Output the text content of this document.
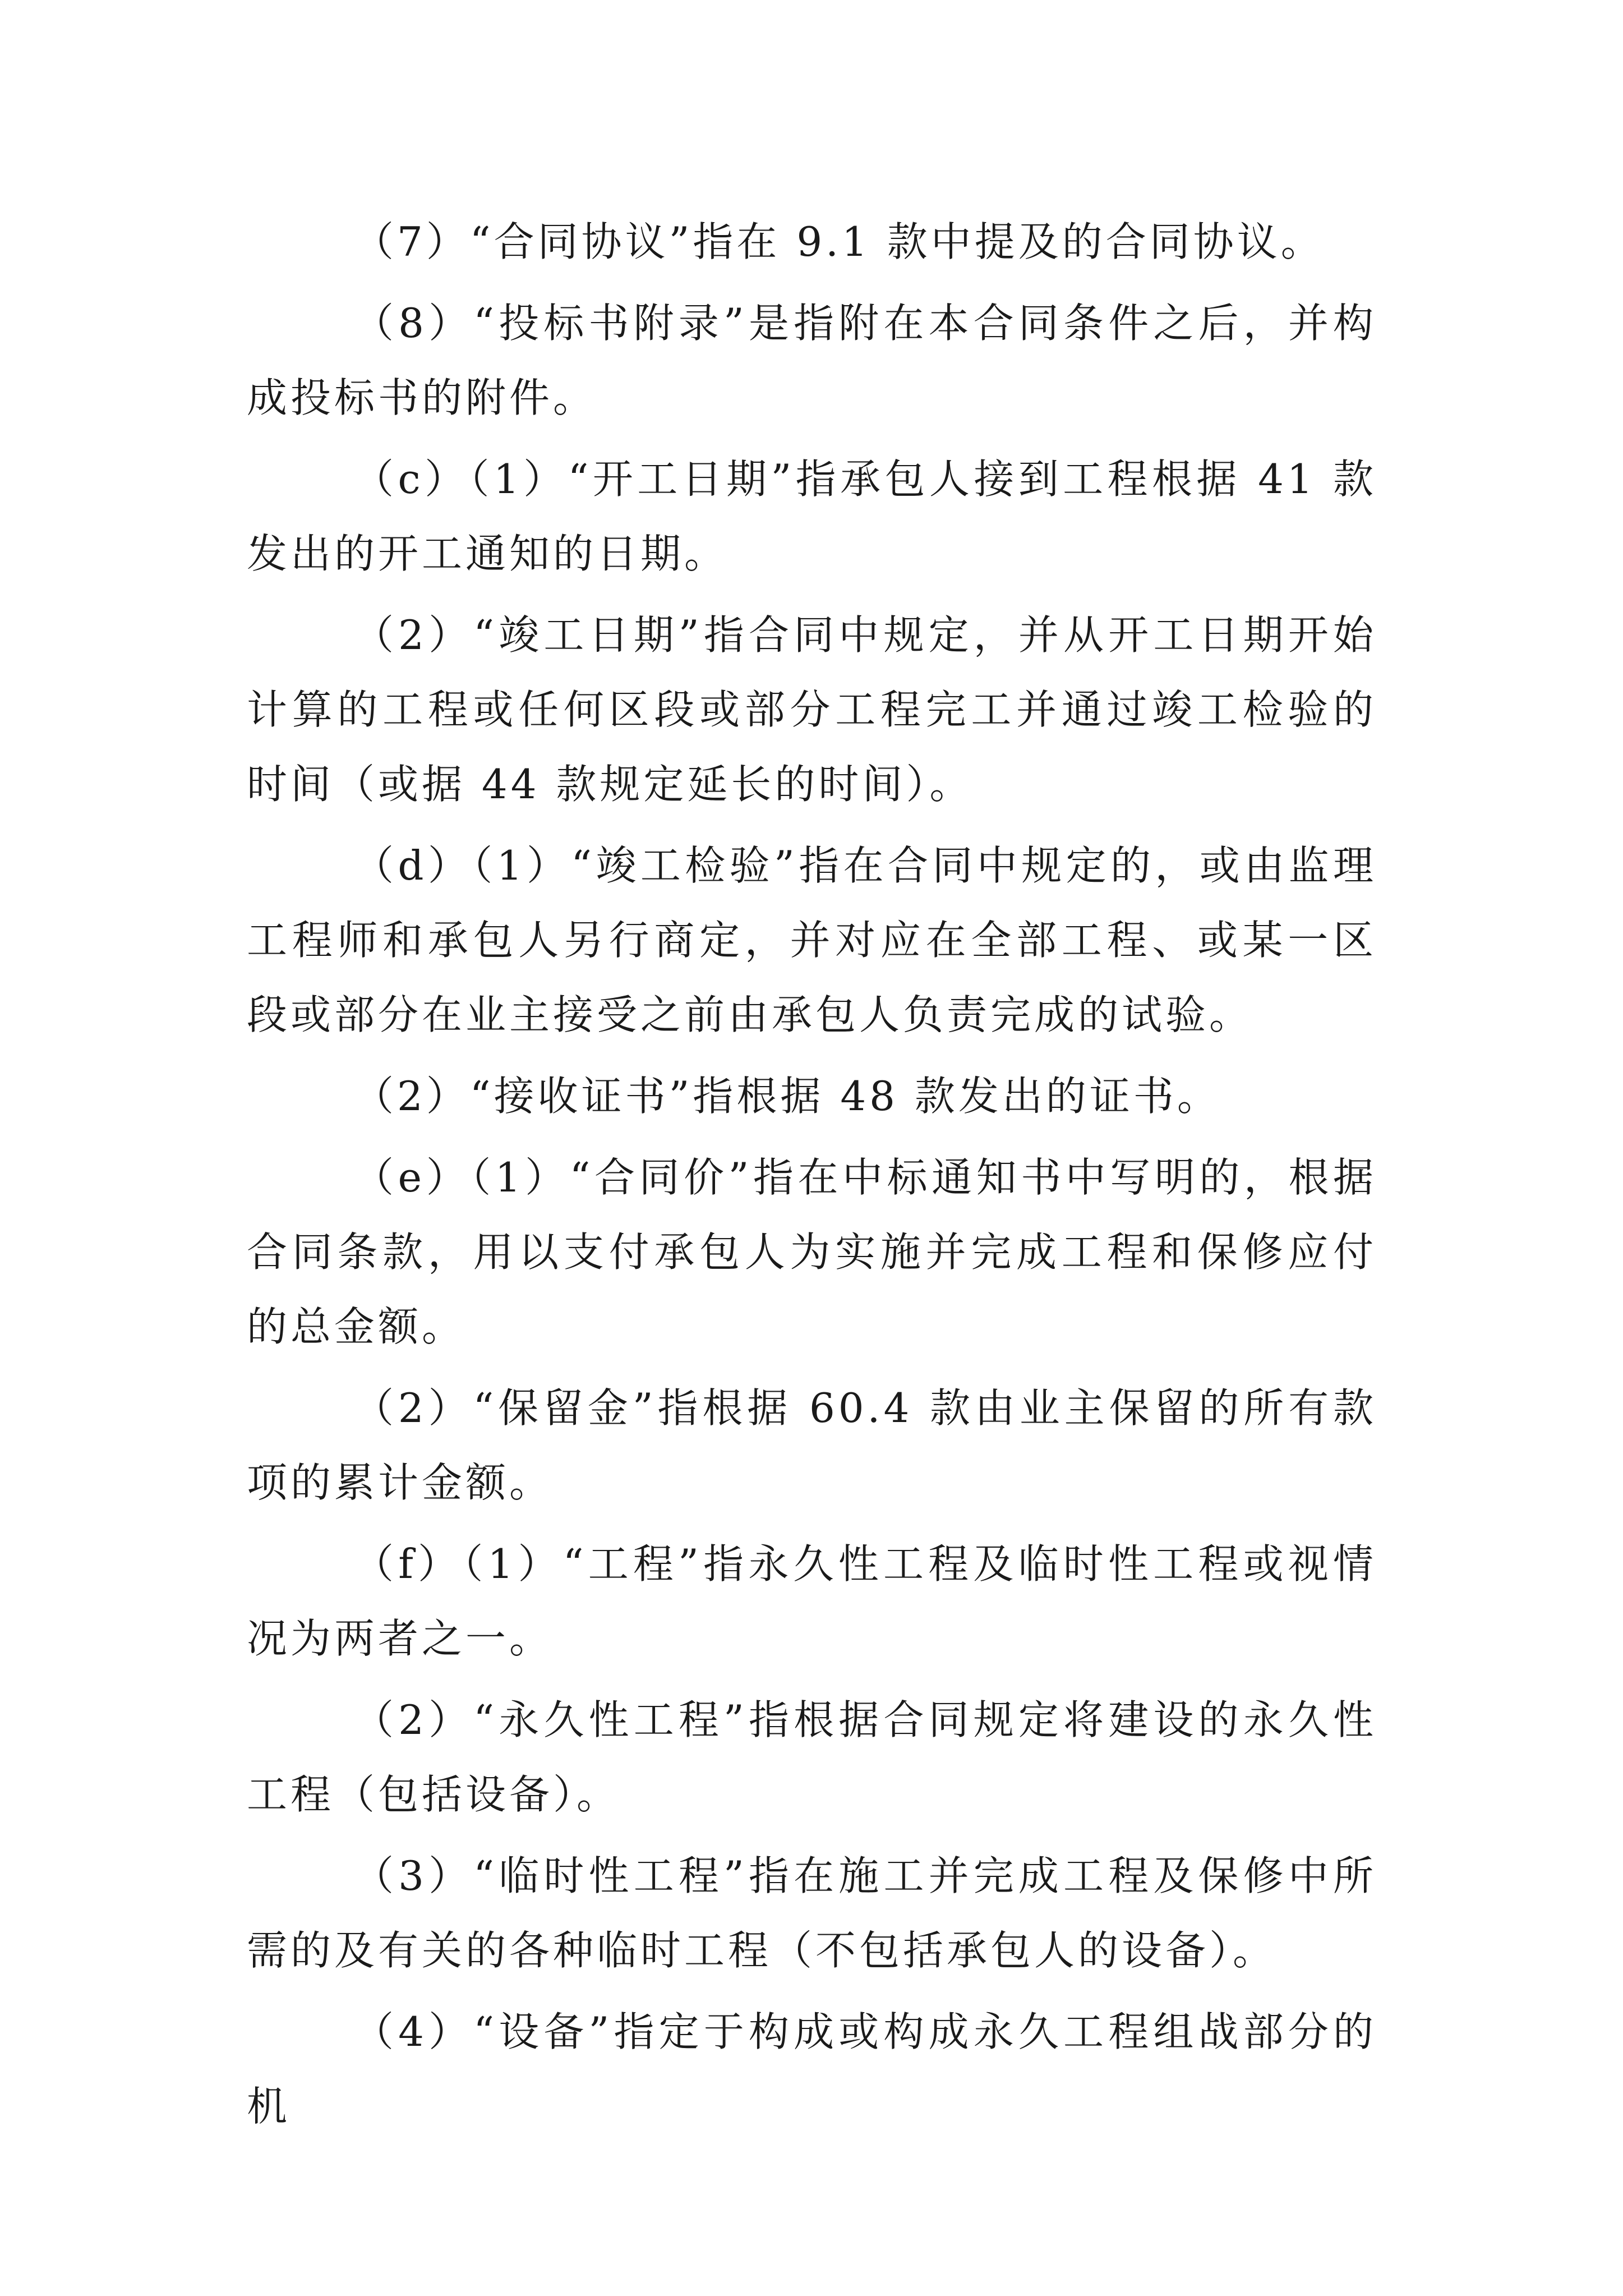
（7）“合同协议”指在 9.1 款中提及的合同协议。

（8）“投标书附录”是指附在本合同条件之后，并构成投标书的附件。

（c）（1）“开工日期”指承包人接到工程根据 41 款发出的开工通知的日期。

（2）“竣工日期”指合同中规定，并从开工日期开始计算的工程或任何区段或部分工程完工并通过竣工检验的时间（或据 44 款规定延长的时间）。

（d）（1）“竣工检验”指在合同中规定的，或由监理工程师和承包人另行商定，并对应在全部工程、或某一区段或部分在业主接受之前由承包人负责完成的试验。

（2）“接收证书”指根据 48 款发出的证书。

（e）（1）“合同价”指在中标通知书中写明的，根据合同条款，用以支付承包人为实施并完成工程和保修应付的总金额。

（2）“保留金”指根据 60.4 款由业主保留的所有款项的累计金额。

（f）（1）“工程”指永久性工程及临时性工程或视情况为两者之一。

（2）“永久性工程”指根据合同规定将建设的永久性工程（包括设备）。

（3）“临时性工程”指在施工并完成工程及保修中所需的及有关的各种临时工程（不包括承包人的设备）。

（4）“设备”指定于构成或构成永久工程组战部分的机
